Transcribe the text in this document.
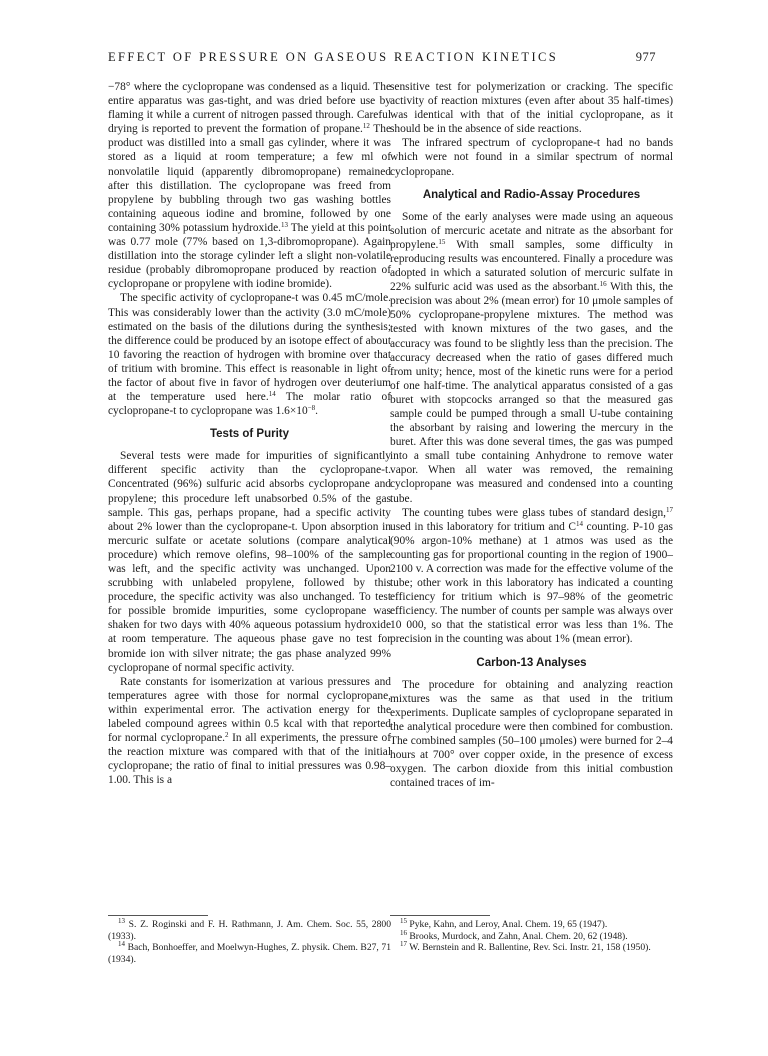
EFFECT OF PRESSURE ON GASEOUS REACTION KINETICS	977

−78° where the cyclopropane was condensed as a liquid. The entire apparatus was gas-tight, and was dried before use by flaming it while a current of nitrogen passed through. Careful drying is reported to prevent the formation of propane.$^{12}$ The product was distilled into a small gas cylinder, where it was stored as a liquid at room temperature; a few ml of nonvolatile liquid (apparently dibromopropane) remained after this distillation. The cyclopropane was freed from propylene by bubbling through two gas washing bottles containing aqueous iodine and bromine, followed by one containing 30% potassium hydroxide.$^{13}$ The yield at this point was 0.77 mole (77% based on 1,3-dibromopropane). Again distillation into the storage cylinder left a slight non-volatile residue (probably dibromopropane produced by reaction of cyclopropane or propylene with iodine bromide).

The specific activity of cyclopropane-t was 0.45 mC/mole. This was considerably lower than the activity (3.0 mC/mole) estimated on the basis of the dilutions during the synthesis; the difference could be produced by an isotope effect of about 10 favoring the reaction of hydrogen with bromine over that of tritium with bromine. This effect is reasonable in light of the factor of about five in favor of hydrogen over deuterium at the temperature used here.$^{14}$ The molar ratio of cyclopropane-t to cyclopropane was $1.6\times 10^{-8}$.

Tests of Purity

Several tests were made for impurities of significantly different specific activity than the cyclopropane-t. Concentrated (96%) sulfuric acid absorbs cyclopropane and propylene; this procedure left unabsorbed 0.5% of the gas sample. This gas, perhaps propane, had a specific activity about 2% lower than the cyclopropane-t. Upon absorption in mercuric sulfate or acetate solutions (compare analytical procedure) which remove olefins, 98–100% of the sample was left, and the specific activity was unchanged. Upon scrubbing with unlabeled propylene, followed by this procedure, the specific activity was also unchanged. To test for possible bromide impurities, some cyclopropane was shaken for two days with 40% aqueous potassium hydroxide at room temperature. The aqueous phase gave no test for bromide ion with silver nitrate; the gas phase analyzed 99% cyclopropane of normal specific activity.

Rate constants for isomerization at various pressures and temperatures agree with those for normal cyclopropane, within experimental error. The activation energy for the labeled compound agrees within 0.5 kcal with that reported for normal cyclopropane.$^2$ In all experiments, the pressure of the reaction mixture was compared with that of the initial cyclopropane; the ratio of final to initial pressures was 0.98–1.00. This is a

sensitive test for polymerization or cracking. The specific activity of reaction mixtures (even after about 35 half-times) was identical with that of the initial cyclopropane, as it should be in the absence of side reactions.

The infrared spectrum of cyclopropane-t had no bands which were not found in a similar spectrum of normal cyclopropane.

Analytical and Radio-Assay Procedures

Some of the early analyses were made using an aqueous solution of mercuric acetate and nitrate as the absorbant for propylene.$^{15}$ With small samples, some difficulty in reproducing results was encountered. Finally a procedure was adopted in which a saturated solution of mercuric sulfate in 22% sulfuric acid was used as the absorbant.$^{16}$ With this, the precision was about 2% (mean error) for 10 μmole samples of 50% cyclopropane-propylene mixtures. The method was tested with known mixtures of the two gases, and the accuracy was found to be slightly less than the precision. The accuracy decreased when the ratio of gases differed much from unity; hence, most of the kinetic runs were for a period of one half-time. The analytical apparatus consisted of a gas buret with stopcocks arranged so that the measured gas sample could be pumped through a small U-tube containing the absorbant by raising and lowering the mercury in the buret. After this was done several times, the gas was pumped into a small tube containing Anhydrone to remove water vapor. When all water was removed, the remaining cyclopropane was measured and condensed into a counting tube.

The counting tubes were glass tubes of standard design,$^{17}$ used in this laboratory for tritium and $C^{14}$ counting. P-10 gas (90% argon-10% methane) at 1 atmos was used as the counting gas for proportional counting in the region of 1900–2100 v. A correction was made for the effective volume of the tube; other work in this laboratory has indicated a counting efficiency for tritium which is 97–98% of the geometric efficiency. The number of counts per sample was always over 10 000, so that the statistical error was less than 1%. The precision in the counting was about 1% (mean error).

Carbon-13 Analyses

The procedure for obtaining and analyzing reaction mixtures was the same as that used in the tritium experiments. Duplicate samples of cyclopropane separated in the analytical procedure were then combined for combustion. The combined samples (50–100 μmoles) were burned for 2–4 hours at 700° over copper oxide, in the presence of excess oxygen. The carbon dioxide from this initial combustion contained traces of im-

$^{13}$ S. Z. Roginski and F. H. Rathmann, J. Am. Chem. Soc. 55, 2800 (1933).

$^{14}$ Bach, Bonhoeffer, and Moelwyn-Hughes, Z. physik. Chem. B27, 71 (1934).

$^{15}$ Pyke, Kahn, and Leroy, Anal. Chem. 19, 65 (1947).

$^{16}$ Brooks, Murdock, and Zahn, Anal. Chem. 20, 62 (1948).

$^{17}$ W. Bernstein and R. Ballentine, Rev. Sci. Instr. 21, 158 (1950).
